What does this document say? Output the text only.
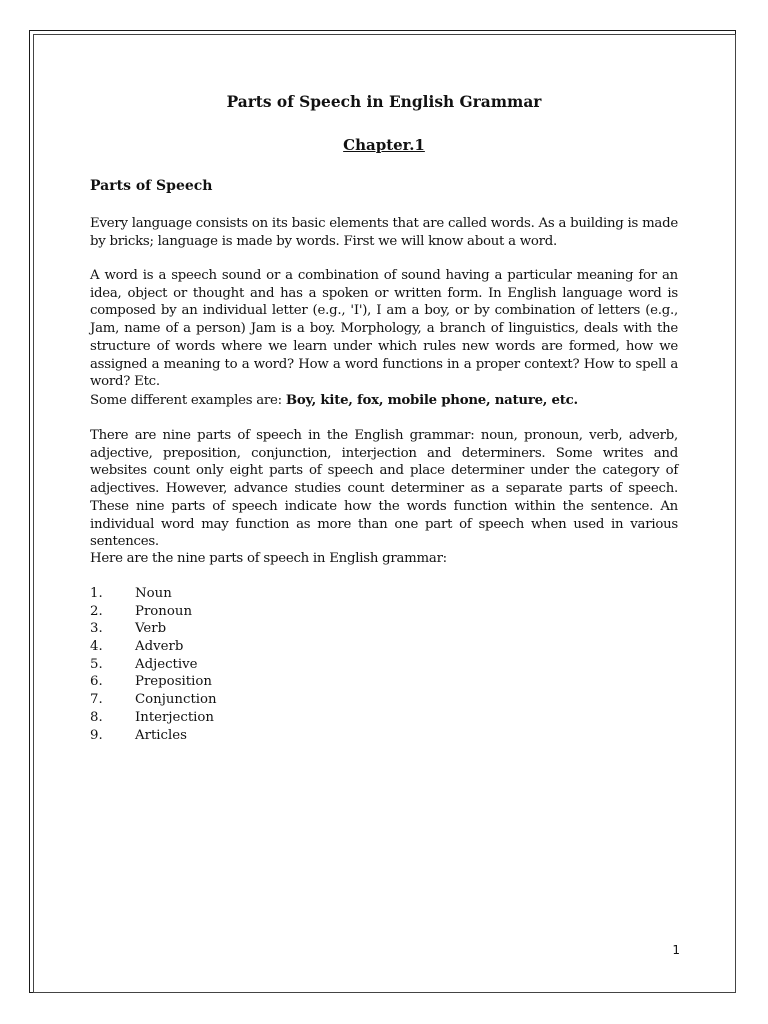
Parts of Speech in English Grammar
Chapter.1
Parts of Speech

Every language consists on its basic elements that are called words. As a building is made by bricks; language is made by words. First we will know about a word.

A word is a speech sound or a combination of sound having a particular meaning for an idea, object or thought and has a spoken or written form. In English language word is composed by an individual letter (e.g., 'I'), I am a boy, or by combination of letters (e.g., Jam, name of a person) Jam is a boy. Morphology, a branch of linguistics, deals with the structure of words where we learn under which rules new words are formed, how we assigned a meaning to a word? How a word functions in a proper context? How to spell a word? Etc.

Some different examples are: Boy, kite, fox, mobile phone, nature, etc.

There are nine parts of speech in the English grammar: noun, pronoun, verb, adverb, adjective, preposition, conjunction, interjection and determiners. Some writes and websites count only eight parts of speech and place determiner under the category of adjectives. However, advance studies count determiner as a separate parts of speech. These nine parts of speech indicate how the words function within the sentence. An individual word may function as more than one part of speech when used in various sentences.

Here are the nine parts of speech in English grammar:

1. Noun
2. Pronoun
3. Verb
4. Adverb
5. Adjective
6. Preposition
7. Conjunction
8. Interjection
9. Articles
1
